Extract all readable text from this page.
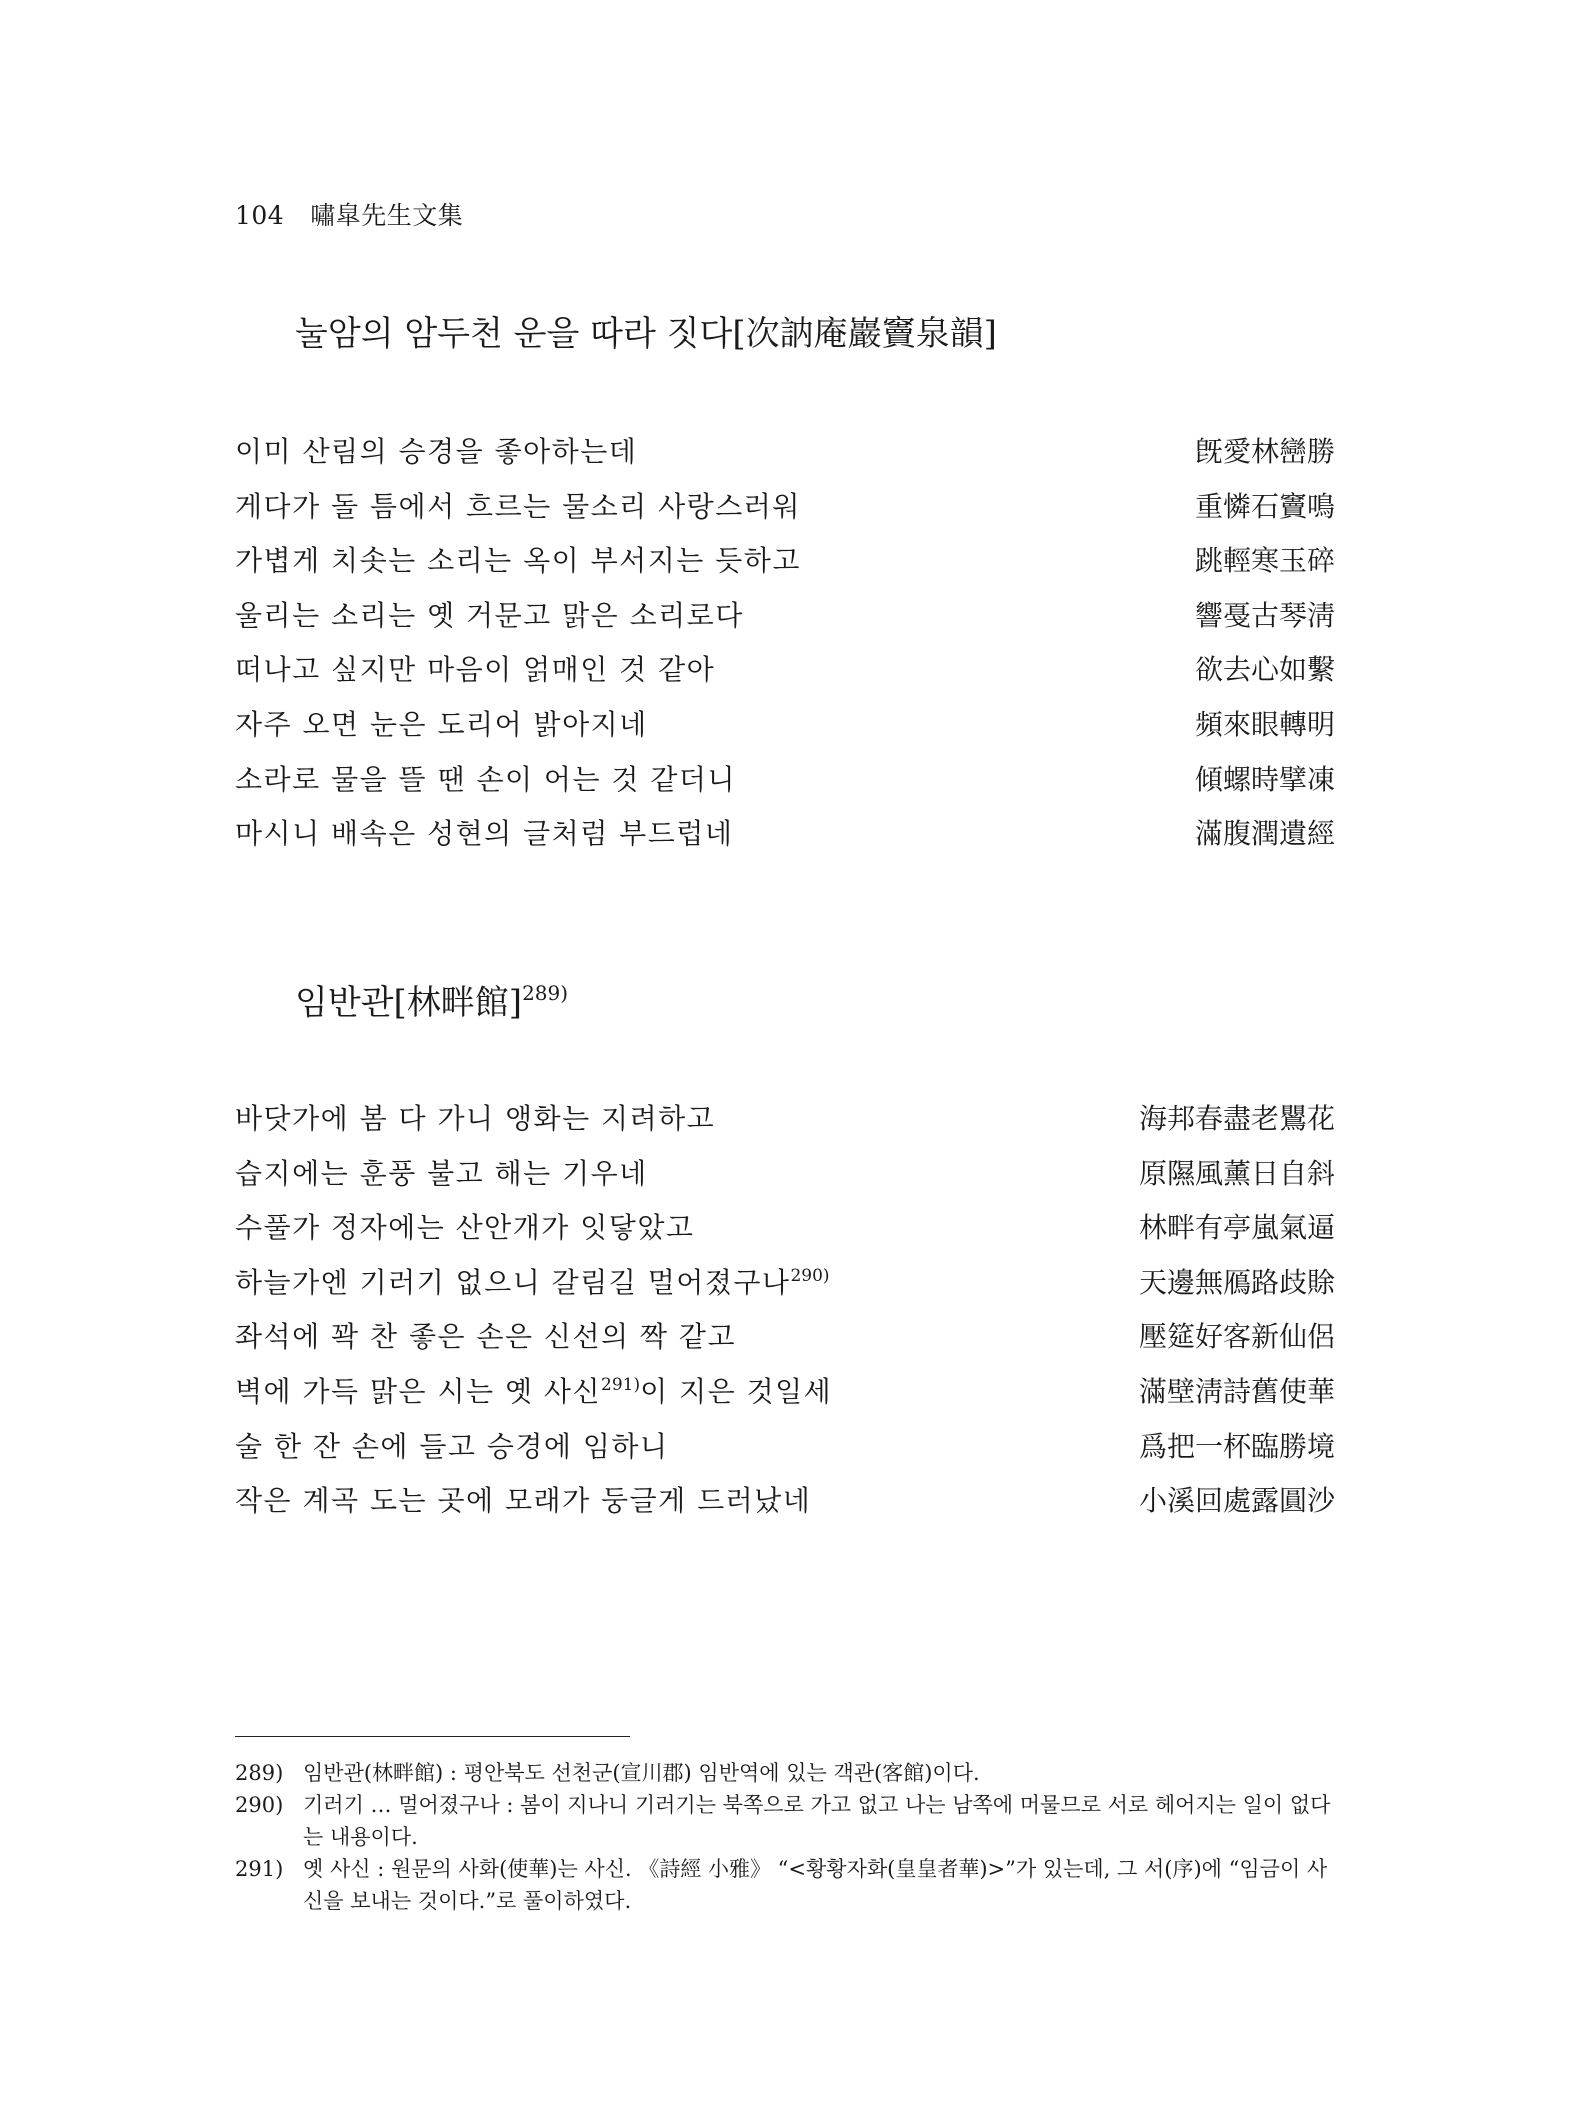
104 嘯皐先生文集
눌암의 암두천 운을 따라 짓다[次訥庵巖竇泉韻]
이미 산림의 승경을 좋아하는데	旣愛林巒勝
게다가 돌 틈에서 흐르는 물소리 사랑스러워	重憐石竇鳴
가볍게 치솟는 소리는 옥이 부서지는 듯하고	跳輕寒玉碎
울리는 소리는 옛 거문고 맑은 소리로다	響戞古琴淸
떠나고 싶지만 마음이 얽매인 것 같아	欲去心如繫
자주 오면 눈은 도리어 밝아지네	頻來眼轉明
소라로 물을 뜰 땐 손이 어는 것 같더니	傾螺時擘凍
마시니 배속은 성현의 글처럼 부드럽네	滿腹潤遺經
임반관[林畔館]$^{289)}$
바닷가에 봄 다 가니 앵화는 지려하고	海邦春盡老鸎花
습지에는 훈풍 불고 해는 기우네	原隰風薰日自斜
수풀가 정자에는 산안개가 잇닿았고	林畔有亭嵐氣逼
하늘가엔 기러기 없으니 갈림길 멀어졌구나$^{290)}$	天邊無鴈路歧賖
좌석에 꽉 찬 좋은 손은 신선의 짝 같고	壓筵好客新仙侶
벽에 가득 맑은 시는 옛 사신$^{291)}$이 지은 것일세	滿壁淸詩舊使華
술 한 잔 손에 들고 승경에 임하니	爲把一杯臨勝境
작은 계곡 도는 곳에 모래가 둥글게 드러났네	小溪回處露圓沙
289) 임반관(林畔館) : 평안북도 선천군(宣川郡) 임반역에 있는 객관(客館)이다.
290) 기러기 … 멀어졌구나 : 봄이 지나니 기러기는 북쪽으로 가고 없고 나는 남쪽에 머물므로 서로 헤어지는 일이 없다는 내용이다.
291) 옛 사신 : 원문의 사화(使華)는 사신. 《詩經 小雅》 “<황황자화(皇皇者華)>”가 있는데, 그 서(序)에 “임금이 사신을 보내는 것이다.”로 풀이하였다.
